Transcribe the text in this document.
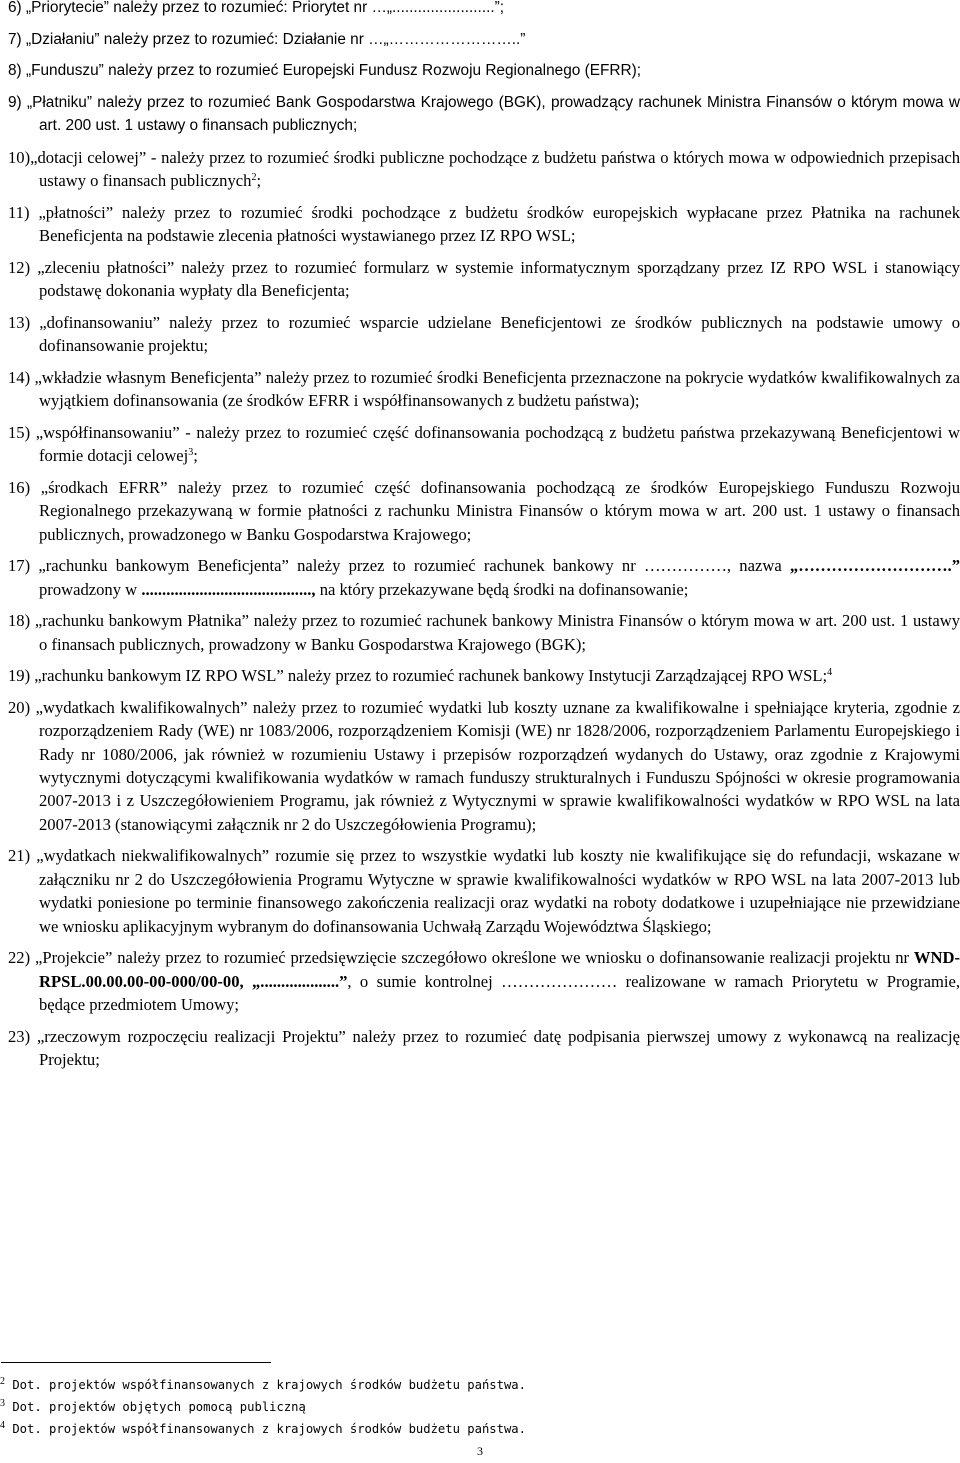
6) „Priorytecie” należy przez to rozumieć: Priorytet nr …„........................”;
7) „Działaniu” należy przez to rozumieć: Działanie nr …„……………………..”
8) „Funduszu” należy przez to rozumieć Europejski Fundusz Rozwoju Regionalnego (EFRR);
9) „Płatniku” należy przez to rozumieć Bank Gospodarstwa Krajowego (BGK), prowadzący rachunek Ministra Finansów o którym mowa w art. 200 ust. 1 ustawy o finansach publicznych;
10)„dotacji celowej” - należy przez to rozumieć środki publiczne pochodzące z budżetu państwa o których mowa w odpowiednich przepisach ustawy o finansach publicznych$^2$;
11) „płatności” należy przez to rozumieć środki pochodzące z budżetu środków europejskich wypłacane przez Płatnika na rachunek Beneficjenta na podstawie zlecenia płatności wystawianego przez IZ RPO WSL;
12) „zleceniu płatności” należy przez to rozumieć formularz w systemie informatycznym sporządzany przez IZ RPO WSL i stanowiący podstawę dokonania wypłaty dla Beneficjenta;
13) „dofinansowaniu” należy przez to rozumieć wsparcie udzielane Beneficjentowi ze środków publicznych na podstawie umowy o dofinansowanie projektu;
14) „wkładzie własnym Beneficjenta” należy przez to rozumieć środki Beneficjenta przeznaczone na pokrycie wydatków kwalifikowalnych za wyjątkiem dofinansowania (ze środków EFRR i współfinansowanych z budżetu państwa);
15) „współfinansowaniu” - należy przez to rozumieć część dofinansowania pochodzącą z budżetu państwa przekazywaną Beneficjentowi w formie dotacji celowej$^3$;
16) „środkach EFRR” należy przez to rozumieć część dofinansowania pochodzącą ze środków Europejskiego Funduszu Rozwoju Regionalnego przekazywaną w formie płatności z rachunku Ministra Finansów o którym mowa w art. 200 ust. 1 ustawy o finansach publicznych, prowadzonego w Banku Gospodarstwa Krajowego;
17) „rachunku bankowym Beneficjenta” należy przez to rozumieć rachunek bankowy nr ……………, nazwa „……………………….” prowadzony w ........................................., na który przekazywane będą środki na dofinansowanie;
18) „rachunku bankowym Płatnika” należy przez to rozumieć rachunek bankowy Ministra Finansów o którym mowa w art. 200 ust. 1 ustawy o finansach publicznych, prowadzony w Banku Gospodarstwa Krajowego (BGK);
19) „rachunku bankowym IZ RPO WSL” należy przez to rozumieć rachunek bankowy Instytucji Zarządzającej RPO WSL;$^4$
20) „wydatkach kwalifikowalnych” należy przez to rozumieć wydatki lub koszty uznane za kwalifikowalne i spełniające kryteria, zgodnie z rozporządzeniem Rady (WE) nr 1083/2006, rozporządzeniem Komisji (WE) nr 1828/2006, rozporządzeniem Parlamentu Europejskiego i Rady nr 1080/2006, jak również w rozumieniu Ustawy i przepisów rozporządzeń wydanych do Ustawy, oraz zgodnie z Krajowymi wytycznymi dotyczącymi kwalifikowania wydatków w ramach funduszy strukturalnych i Funduszu Spójności w okresie programowania 2007-2013 i z Uszczegółowieniem Programu, jak również z Wytycznymi w sprawie kwalifikowalności wydatków w RPO WSL na lata 2007-2013 (stanowiącymi załącznik nr 2 do Uszczegółowienia Programu);
21) „wydatkach niekwalifikowalnych” rozumie się przez to wszystkie wydatki lub koszty nie kwalifikujące się do refundacji, wskazane w załączniku nr 2 do Uszczegółowienia Programu Wytyczne w sprawie kwalifikowalności wydatków w RPO WSL na lata 2007-2013 lub wydatki poniesione po terminie finansowego zakończenia realizacji oraz wydatki na roboty dodatkowe i uzupełniające nie przewidziane we wniosku aplikacyjnym wybranym do dofinansowania Uchwałą Zarządu Województwa Śląskiego;
22) „Projekcie” należy przez to rozumieć przedsięwzięcie szczegółowo określone we wniosku o dofinansowanie realizacji projektu nr WND-RPSL.00.00.00-00-000/00-00, „...................”, o sumie kontrolnej ………………… realizowane w ramach Priorytetu w Programie, będące przedmiotem Umowy;
23) „rzeczowym rozpoczęciu realizacji Projektu” należy przez to rozumieć datę podpisania pierwszej umowy z wykonawcą na realizację Projektu;
$^2$ Dot. projektów współfinansowanych z krajowych środków budżetu państwa.
$^3$ Dot. projektów objętych pomocą publiczną
$^4$ Dot. projektów współfinansowanych z krajowych środków budżetu państwa.
3
